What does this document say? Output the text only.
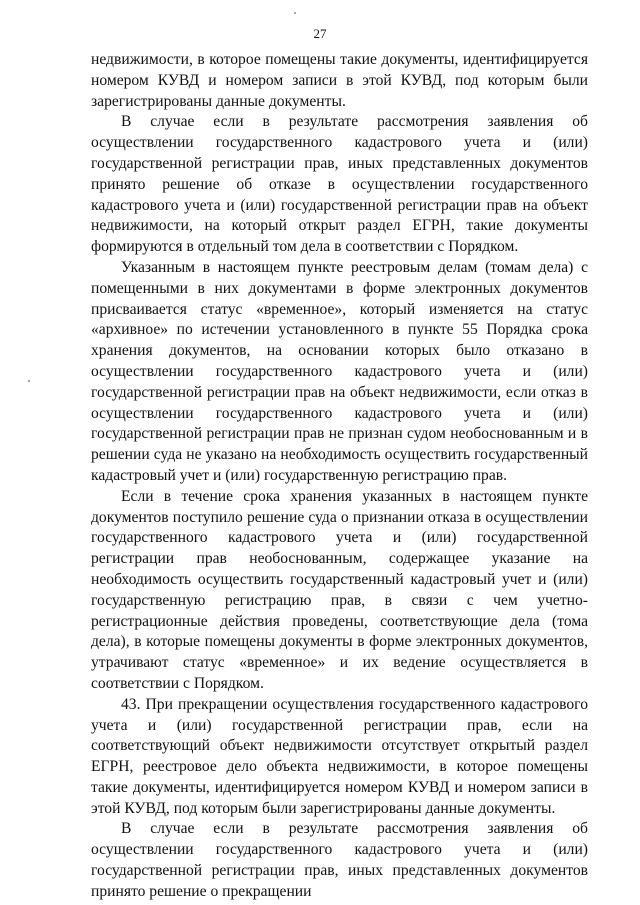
27

недвижимости, в которое помещены такие документы, идентифицируется номером КУВД и номером записи в этой КУВД, под которым были зарегистрированы данные документы.

В случае если в результате рассмотрения заявления об осуществлении государственного кадастрового учета и (или) государственной регистрации прав, иных представленных документов принято решение об отказе в осуществлении государственного кадастрового учета и (или) государственной регистрации прав на объект недвижимости, на который открыт раздел ЕГРН, такие документы формируются в отдельный том дела в соответствии с Порядком.

Указанным в настоящем пункте реестровым делам (томам дела) с помещенными в них документами в форме электронных документов присваивается статус «временное», который изменяется на статус «архивное» по истечении установленного в пункте 55 Порядка срока хранения документов, на основании которых было отказано в осуществлении государственного кадастрового учета и (или) государственной регистрации прав на объект недвижимости, если отказ в осуществлении государственного кадастрового учета и (или) государственной регистрации прав не признан судом необоснованным и в решении суда не указано на необходимость осуществить государственный кадастровый учет и (или) государственную регистрацию прав.

Если в течение срока хранения указанных в настоящем пункте документов поступило решение суда о признании отказа в осуществлении государственного кадастрового учета и (или) государственной регистрации прав необоснованным, содержащее указание на необходимость осуществить государственный кадастровый учет и (или) государственную регистрацию прав, в связи с чем учетно-регистрационные действия проведены, соответствующие дела (тома дела), в которые помещены документы в форме электронных документов, утрачивают статус «временное» и их ведение осуществляется в соответствии с Порядком.

43. При прекращении осуществления государственного кадастрового учета и (или) государственной регистрации прав, если на соответствующий объект недвижимости отсутствует открытый раздел ЕГРН, реестровое дело объекта недвижимости, в которое помещены такие документы, идентифицируется номером КУВД и номером записи в этой КУВД, под которым были зарегистрированы данные документы.

В случае если в результате рассмотрения заявления об осуществлении государственного кадастрового учета и (или) государственной регистрации прав, иных представленных документов принято решение о прекращении
